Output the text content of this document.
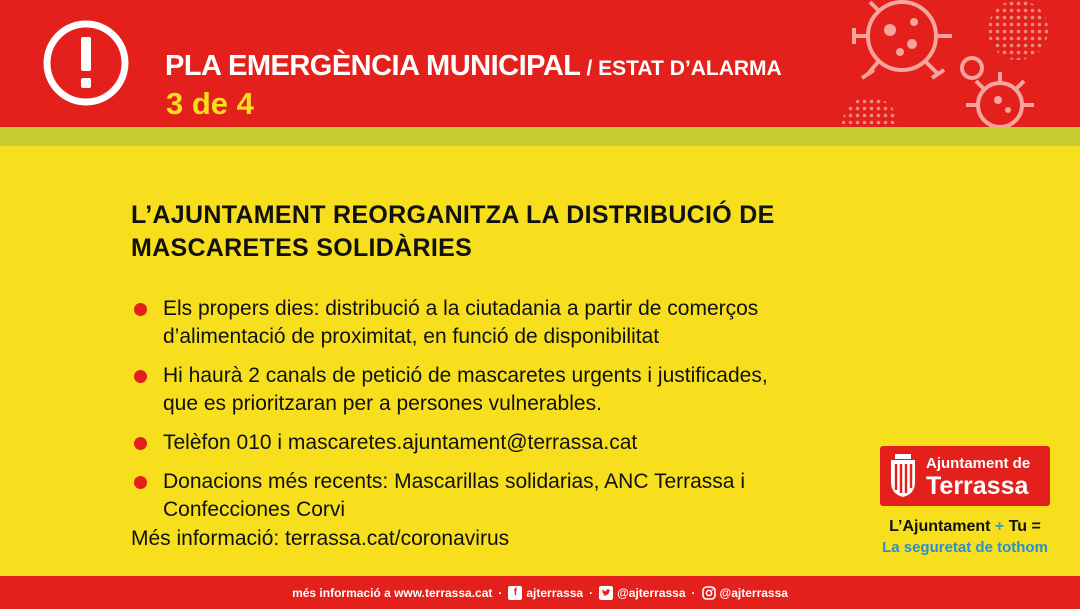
PLA EMERGÈNCIA MUNICIPAL / ESTAT D’ALARMA
3 de 4
L’AJUNTAMENT REORGANITZA LA DISTRIBUCIÓ DE
MASCARETES SOLIDÀRIES
Els propers dies: distribució a la ciutadania a partir de comerços
d’alimentació de proximitat, en funció de disponibilitat
Hi haurà 2 canals de petició de mascaretes urgents i justificades,
que es prioritzaran per a persones vulnerables.
Telèfon 010 i mascaretes.ajuntament@terrassa.cat
Donacions més recents: Mascarillas solidarias, ANC Terrassa i
Confecciones Corvi
Més informació: terrassa.cat/coronavirus
Ajuntament de
Terrassa
L’Ajuntament + Tu =
La seguretat de tothom
més informació a www.terrassa.cat ·	f ajterrassa · @ajterrassa · @ajterrassa
